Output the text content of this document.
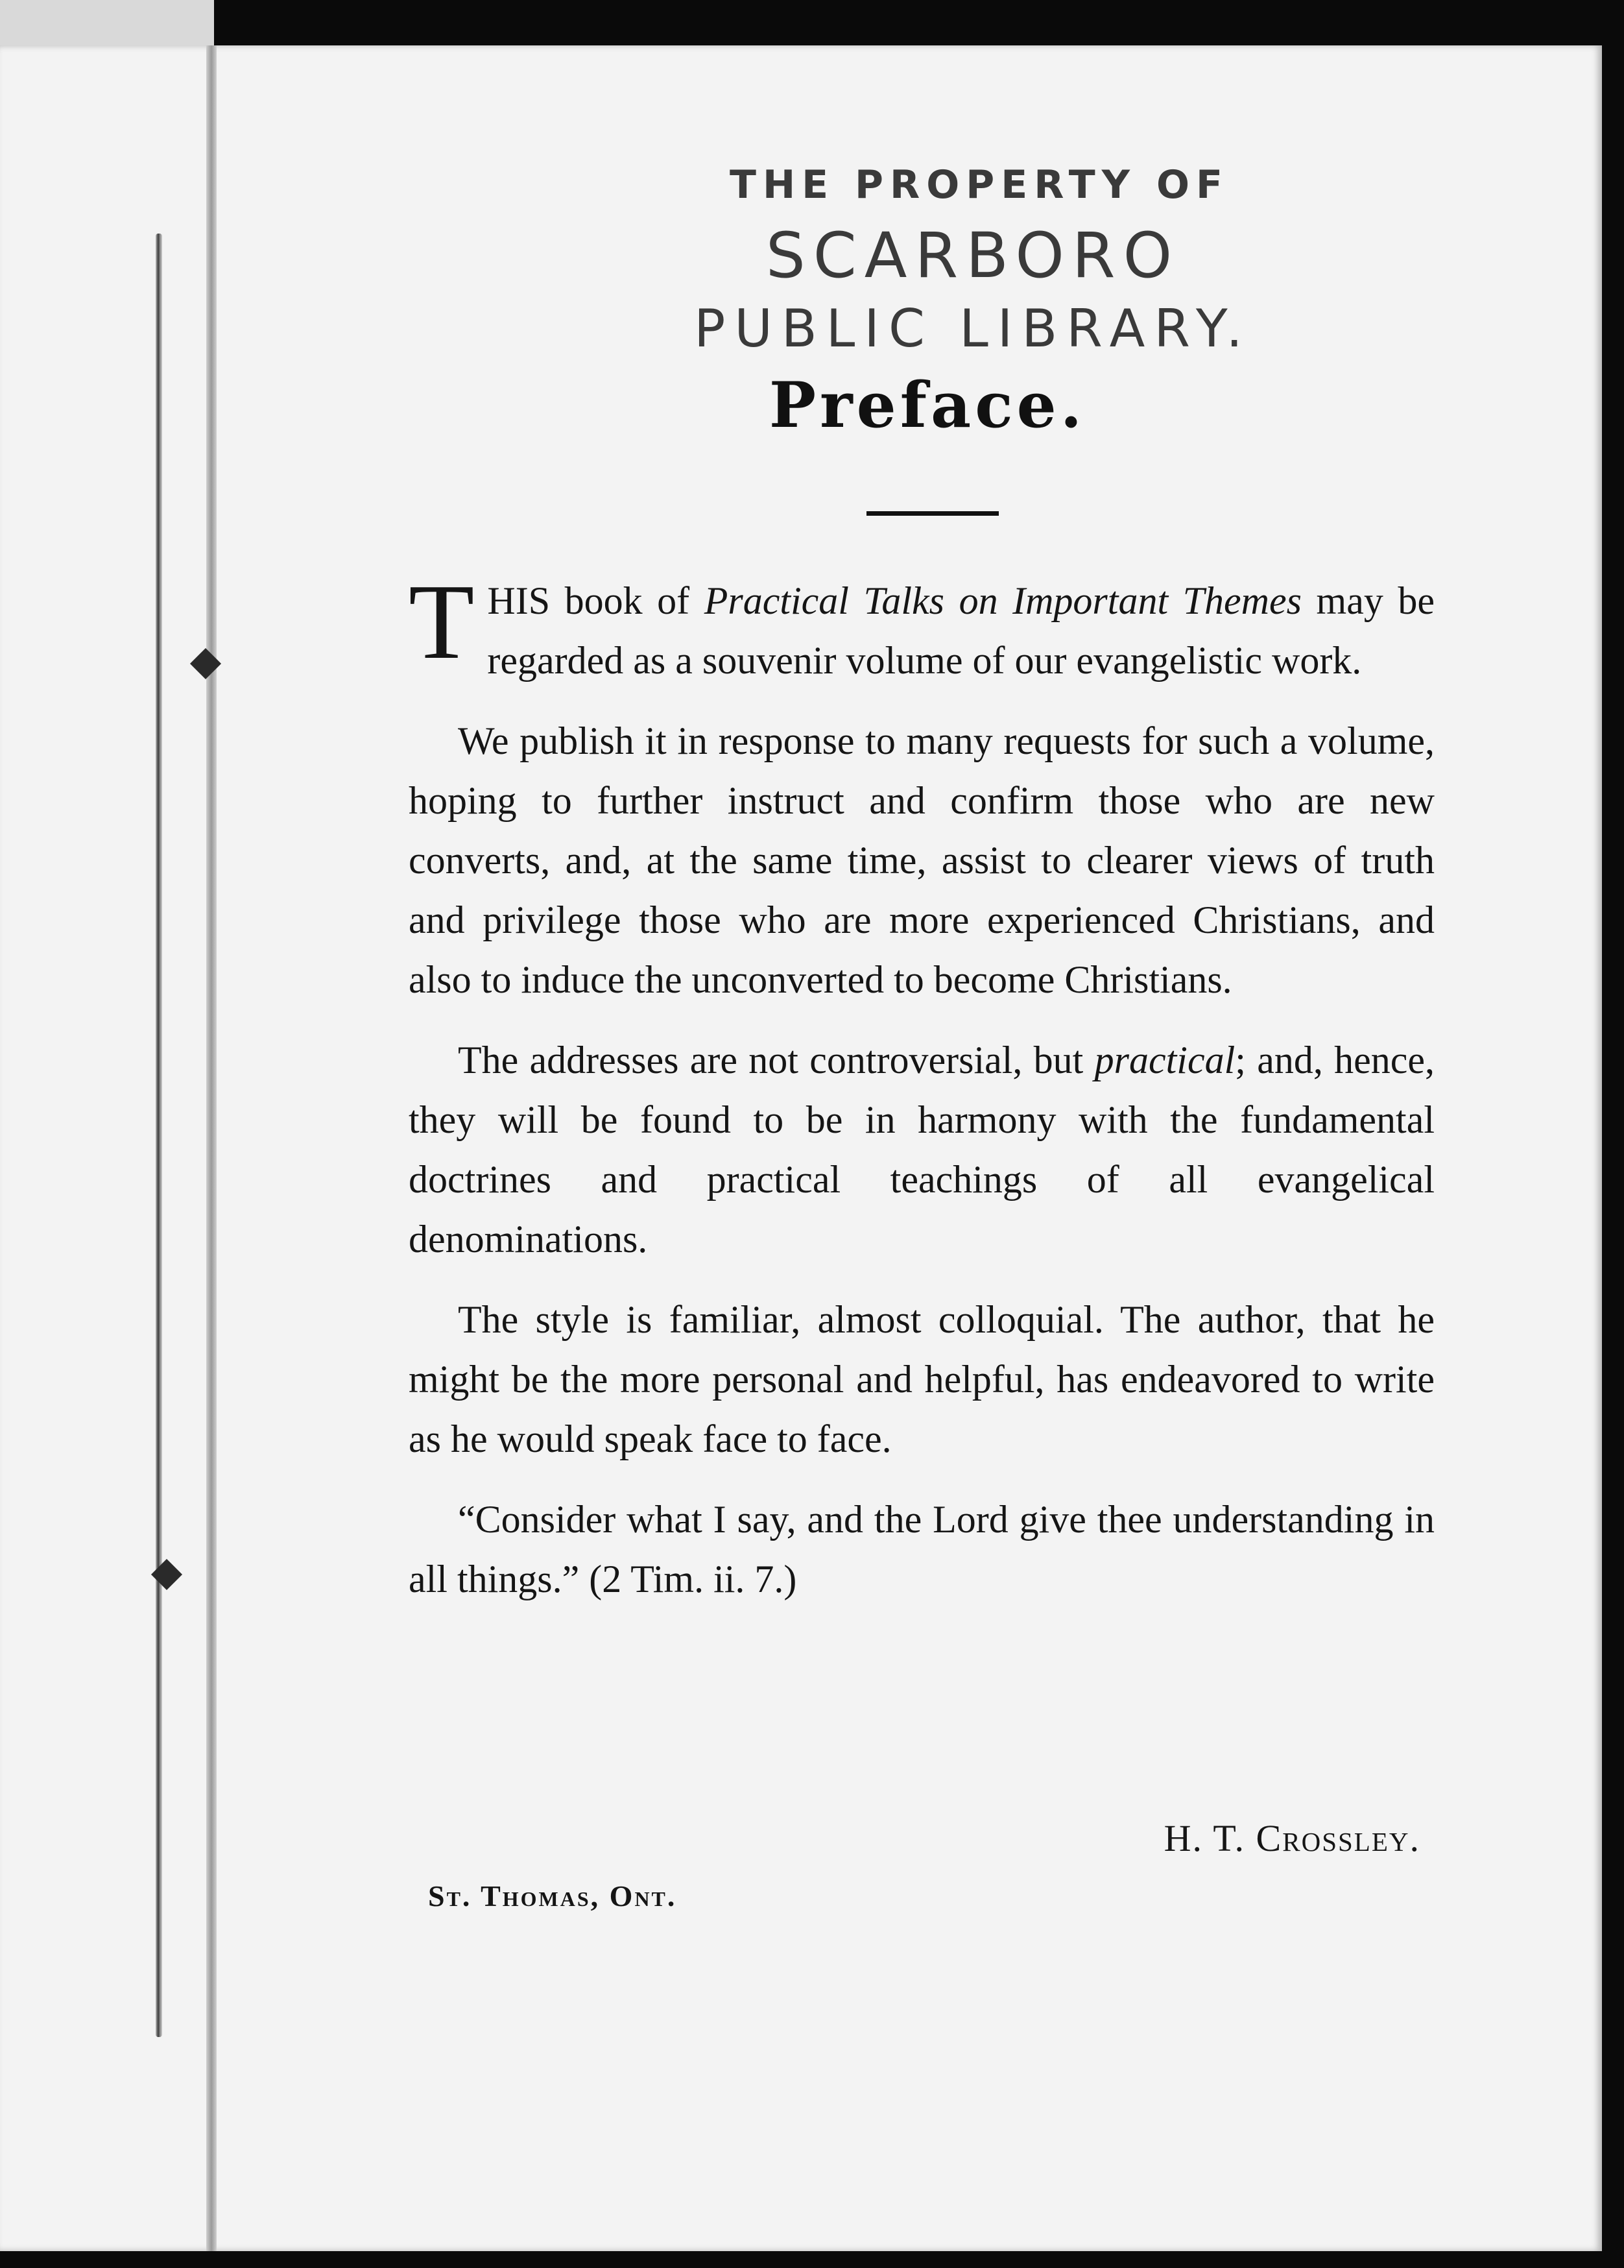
THE PROPERTY OF
SCARBORO
PUBLIC LIBRARY.
Preface.

THIS book of Practical Talks on Important Themes may be regarded as a souvenir volume of our evangelistic work.

We publish it in response to many requests for such a volume, hoping to further instruct and confirm those who are new converts, and, at the same time, assist to clearer views of truth and privilege those who are more experienced Christians, and also to induce the unconverted to become Christians.

The addresses are not controversial, but practical; and, hence, they will be found to be in harmony with the fundamental doctrines and practical teachings of all evangelical denominations.

The style is familiar, almost colloquial. The author, that he might be the more personal and helpful, has endeavored to write as he would speak face to face.

“Consider what I say, and the Lord give thee understanding in all things.” (2 Tim. ii. 7.)

H. T. Crossley.
St. Thomas, Ont.
